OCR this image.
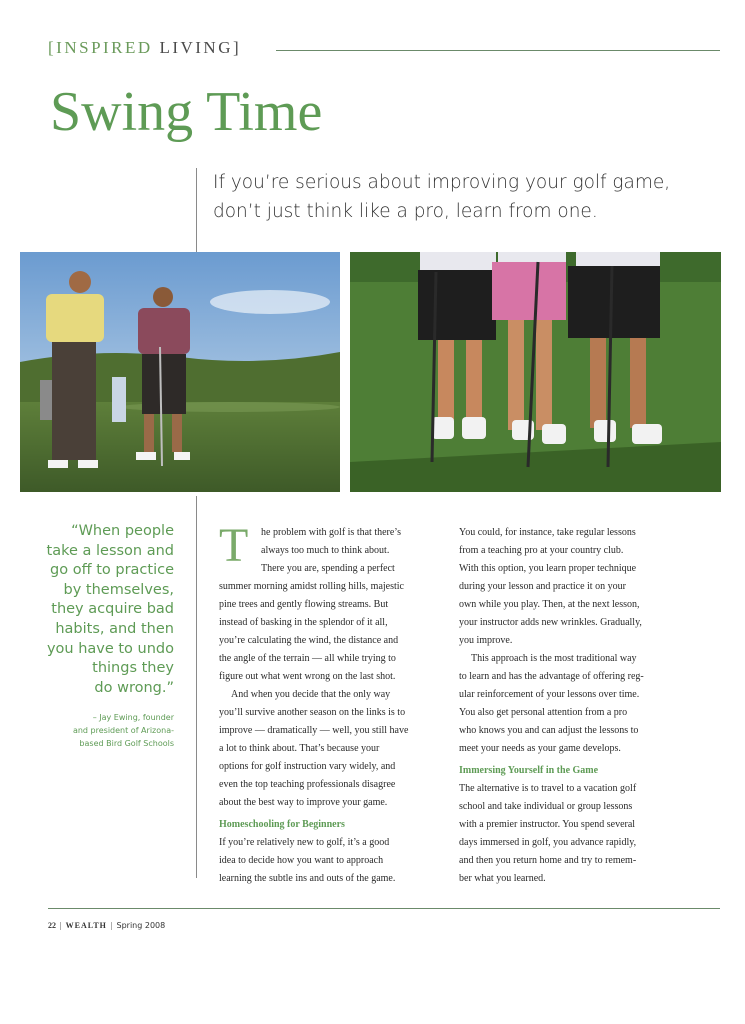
[INSPIRED LIVING]
Swing Time
If you’re serious about improving your golf game,
don’t just think like a pro, learn from one.
“When people
take a lesson and
go off to practice
by themselves,
they acquire bad
habits, and then
you have to undo
things they
do wrong.”
– Jay Ewing, founder
and president of Arizona-
based Bird Golf Schools
T he problem with golf is that there’s
always too much to think about.
There you are, spending a perfect
summer morning amidst rolling hills, majestic
pine trees and gently flowing streams. But
instead of basking in the splendor of it all,
you’re calculating the wind, the distance and
the angle of the terrain — all while trying to
figure out what went wrong on the last shot.
And when you decide that the only way
you’ll survive another season on the links is to
improve — dramatically — well, you still have
a lot to think about. That’s because your
options for golf instruction vary widely, and
even the top teaching professionals disagree
about the best way to improve your game.
Homeschooling for Beginners
If you’re relatively new to golf, it’s a good
idea to decide how you want to approach
learning the subtle ins and outs of the game.
You could, for instance, take regular lessons
from a teaching pro at your country club.
With this option, you learn proper technique
during your lesson and practice it on your
own while you play. Then, at the next lesson,
your instructor adds new wrinkles. Gradually,
you improve.
This approach is the most traditional way
to learn and has the advantage of offering reg-
ular reinforcement of your lessons over time.
You also get personal attention from a pro
who knows you and can adjust the lessons to
meet your needs as your game develops.
Immersing Yourself in the Game
The alternative is to travel to a vacation golf
school and take individual or group lessons
with a premier instructor. You spend several
days immersed in golf, you advance rapidly,
and then you return home and try to remem-
ber what you learned.
22 | WEALTH | Spring 2008
